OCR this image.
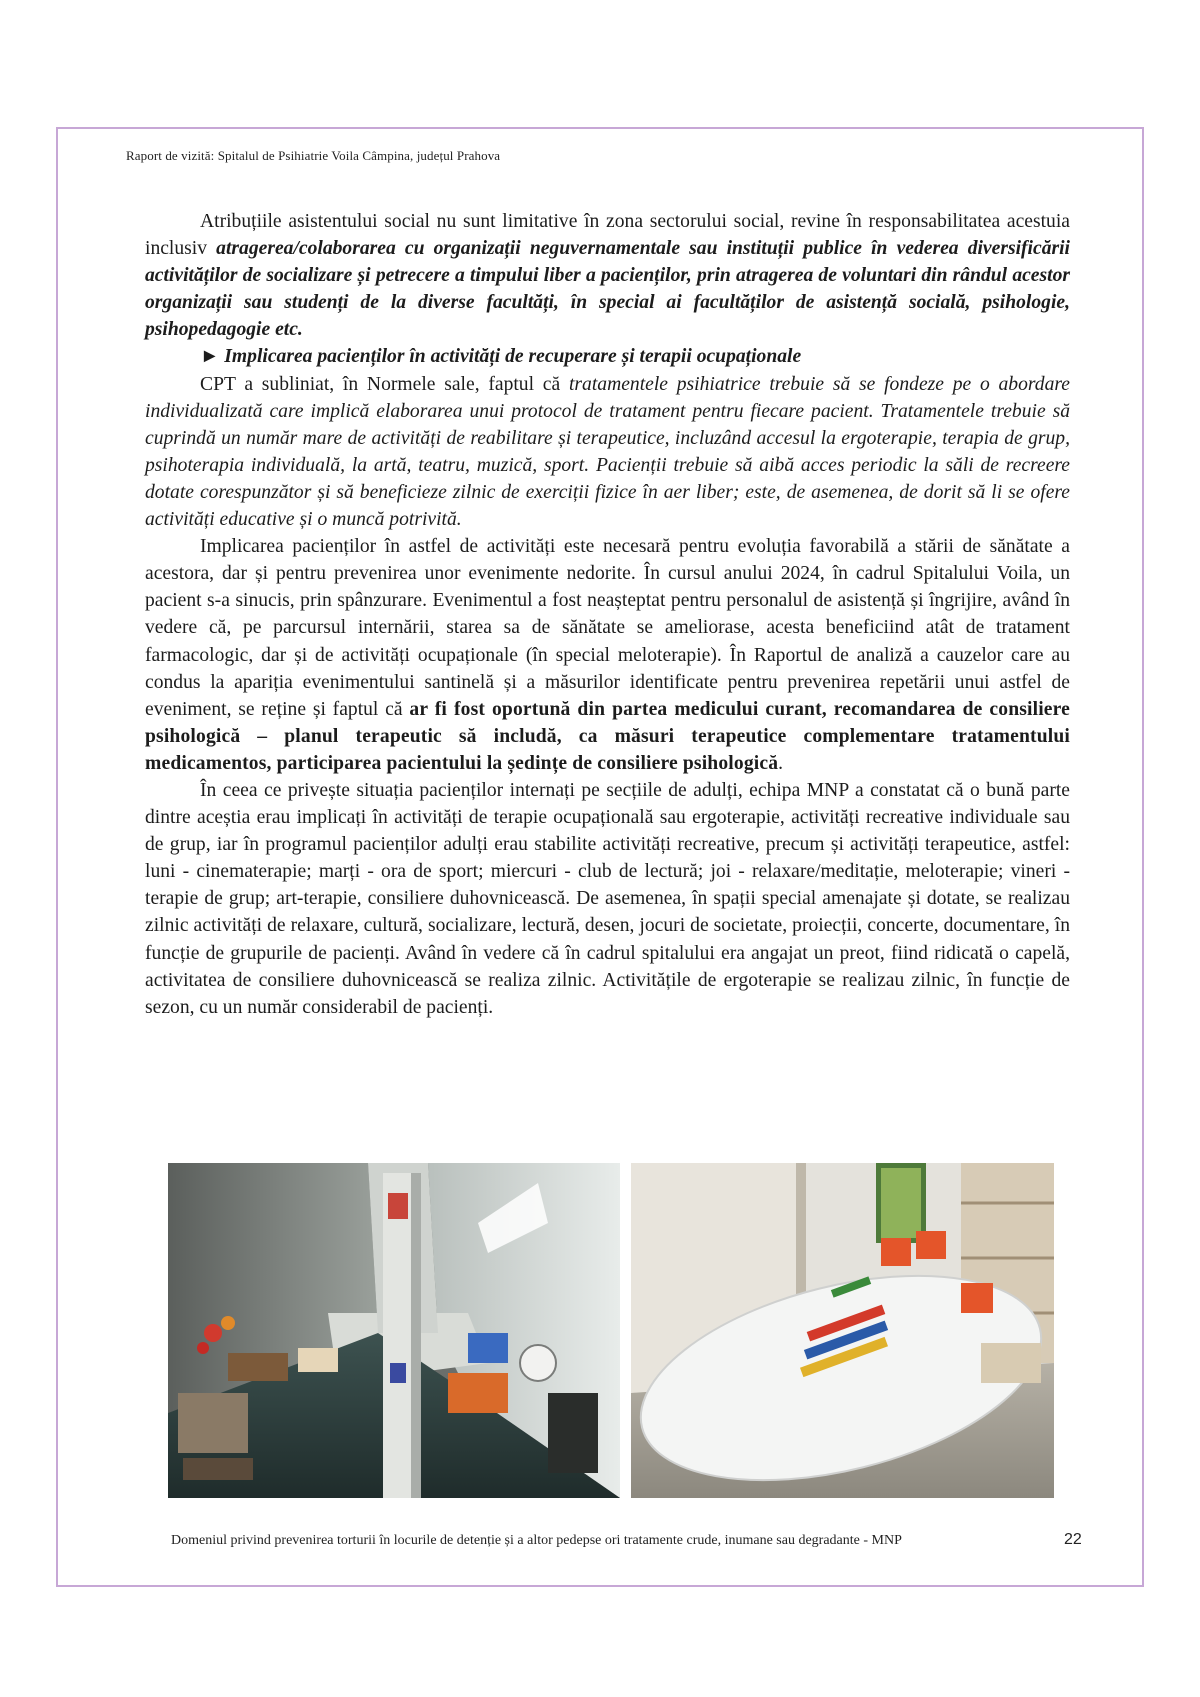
Raport de vizită: Spitalul de Psihiatrie Voila Câmpina, județul Prahova

Atribuțiile asistentului social nu sunt limitative în zona sectorului social, revine în responsabilitatea acestuia inclusiv atragerea/colaborarea cu organizații neguvernamentale sau instituții publice în vederea diversificării activităților de socializare și petrecere a timpului liber a pacienților, prin atragerea de voluntari din rândul acestor organizații sau studenți de la diverse facultăți, în special ai facultăților de asistență socială, psihologie, psihopedagogie etc.

► Implicarea pacienților în activități de recuperare și terapii ocupaționale

CPT a subliniat, în Normele sale, faptul că tratamentele psihiatrice trebuie să se fondeze pe o abordare individualizată care implică elaborarea unui protocol de tratament pentru fiecare pacient. Tratamentele trebuie să cuprindă un număr mare de activități de reabilitare și terapeutice, incluzând accesul la ergoterapie, terapia de grup, psihoterapia individuală, la artă, teatru, muzică, sport. Pacienții trebuie să aibă acces periodic la săli de recreere dotate corespunzător și să beneficieze zilnic de exerciții fizice în aer liber; este, de asemenea, de dorit să li se ofere activități educative și o muncă potrivită.

Implicarea pacienților în astfel de activități este necesară pentru evoluția favorabilă a stării de sănătate a acestora, dar și pentru prevenirea unor evenimente nedorite. În cursul anului 2024, în cadrul Spitalului Voila, un pacient s-a sinucis, prin spânzurare. Evenimentul a fost neașteptat pentru personalul de asistență și îngrijire, având în vedere că, pe parcursul internării, starea sa de sănătate se ameliorase, acesta beneficiind atât de tratament farmacologic, dar și de activități ocupaționale (în special meloterapie). În Raportul de analiză a cauzelor care au condus la apariția evenimentului santinelă și a măsurilor identificate pentru prevenirea repetării unui astfel de eveniment, se reține și faptul că ar fi fost oportună din partea medicului curant, recomandarea de consiliere psihologică – planul terapeutic să includă, ca măsuri terapeutice complementare tratamentului medicamentos, participarea pacientului la ședințe de consiliere psihologică.

În ceea ce privește situația pacienților internați pe secțiile de adulți, echipa MNP a constatat că o bună parte dintre aceștia erau implicați în activități de terapie ocupațională sau ergoterapie, activități recreative individuale sau de grup, iar în programul pacienților adulți erau stabilite activități recreative, precum și activități terapeutice, astfel: luni - cinematerapie; marți - ora de sport; miercuri - club de lectură; joi - relaxare/meditație, meloterapie; vineri - terapie de grup; art-terapie, consiliere duhovnicească. De asemenea, în spații special amenajate și dotate, se realizau zilnic activități de relaxare, cultură, socializare, lectură, desen, jocuri de societate, proiecții, concerte, documentare, în funcție de grupurile de pacienți. Având în vedere că în cadrul spitalului era angajat un preot, fiind ridicată o capelă, activitatea de consiliere duhovnicească se realiza zilnic. Activitățile de ergoterapie se realizau zilnic, în funcție de sezon, cu un număr considerabil de pacienți.

Domeniul privind prevenirea torturii în locurile de detenție și a altor pedepse ori tratamente crude, inumane sau degradante - MNP	22
